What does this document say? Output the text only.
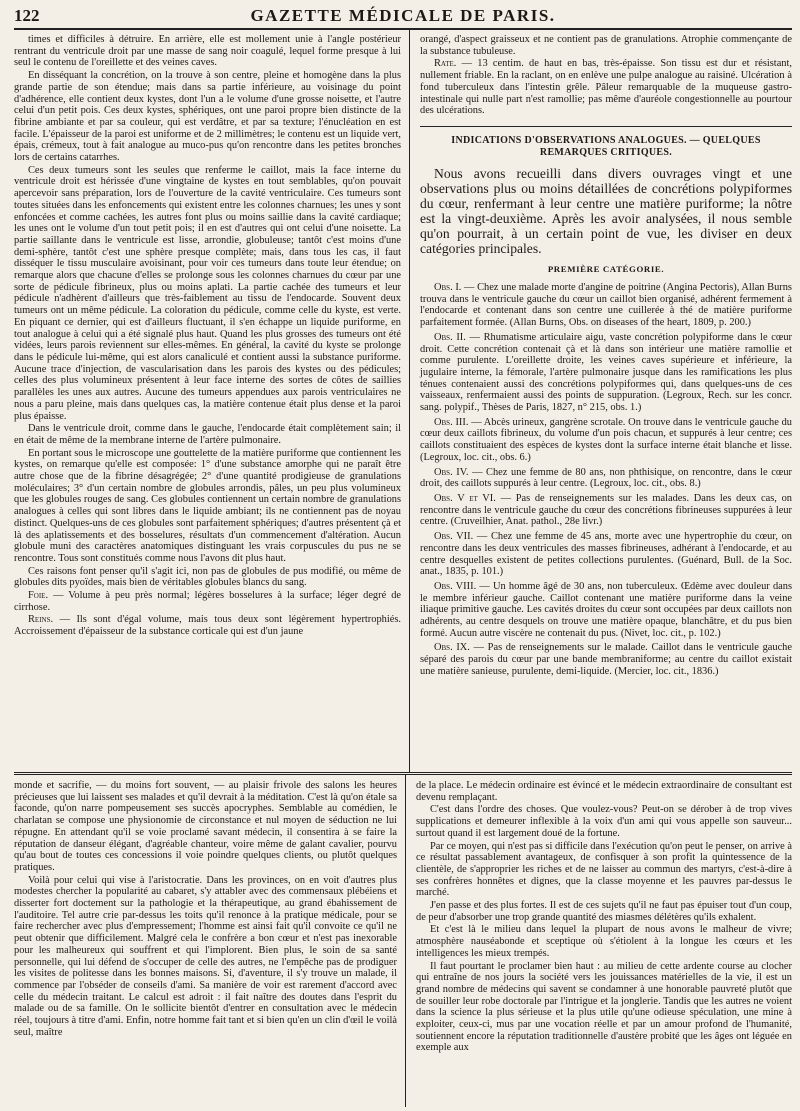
122	GAZETTE MÉDICALE DE PARIS.

times et difficiles à détruire. En arrière, elle est mollement unie à l'angle postérieur rentrant du ventricule droit par une masse de sang noir coagulé, lequel forme presque à lui seul le contenu de l'oreillette et des veines caves.

En disséquant la concrétion, on la trouve à son centre, pleine et homogène dans la plus grande partie de son étendue; mais dans sa partie inférieure, au voisinage du point d'adhérence, elle contient deux kystes, dont l'un a le volume d'une grosse noisette, et l'autre celui d'un petit pois. Ces deux kystes, sphériques, ont une paroi propre bien distincte de la fibrine ambiante et par sa couleur, qui est verdâtre, et par sa texture; l'énucléation en est facile. L'épaisseur de la paroi est uniforme et de 2 millimètres; le contenu est un liquide vert, épais, crémeux, tout à fait analogue au muco-pus qu'on rencontre dans les petites bronches lors de certains catarrhes.

Ces deux tumeurs sont les seules que renferme le caillot, mais la face interne du ventricule droit est hérissée d'une vingtaine de kystes en tout semblables, qu'on pouvait apercevoir sans préparation, lors de l'ouverture de la cavité ventriculaire. Ces tumeurs sont toutes situées dans les enfoncements qui existent entre les colonnes charnues; les unes y sont enfoncées et comme cachées, les autres font plus ou moins saillie dans la cavité cardiaque; les unes ont le volume d'un tout petit pois; il en est d'autres qui ont celui d'une noisette. La partie saillante dans le ventricule est lisse, arrondie, globuleuse; tantôt c'est moins d'une demi-sphère, tantôt c'est une sphère presque complète; mais, dans tous les cas, il faut disséquer le tissu musculaire avoisinant, pour voir ces tumeurs dans toute leur étendue; on remarque alors que chacune d'elles se prolonge sous les colonnes charnues du cœur par une sorte de pédicule fibrineux, plus ou moins aplati. La partie cachée des tumeurs et leur pédicule n'adhèrent d'ailleurs que très-faiblement au tissu de l'endocarde. Souvent deux tumeurs ont un même pédicule. La coloration du pédicule, comme celle du kyste, est verte. En piquant ce dernier, qui est d'ailleurs fluctuant, il s'en échappe un liquide puriforme, en tout analogue à celui qui a été signalé plus haut. Quand les plus grosses des tumeurs ont été vidées, leurs parois reviennent sur elles-mêmes. En général, la cavité du kyste se prolonge dans le pédicule lui-même, qui est alors canaliculé et contient aussi la substance puriforme. Aucune trace d'injection, de vascularisation dans les parois des kystes ou des pédicules; celles des plus volumineux présentent à leur face interne des sortes de côtes de saillies parallèles les unes aux autres. Aucune des tumeurs appendues aux parois ventriculaires ne nous a paru pleine, mais dans quelques cas, la matière contenue était plus dense et la paroi plus épaisse.

Dans le ventricule droit, comme dans le gauche, l'endocarde était complètement sain; il en était de même de la membrane interne de l'artère pulmonaire.

En portant sous le microscope une gouttelette de la matière puriforme que contiennent les kystes, on remarque qu'elle est composée: 1° d'une substance amorphe qui ne paraît être autre chose que de la fibrine désagrégée; 2° d'une quantité prodigieuse de granulations moléculaires; 3° d'un certain nombre de globules arrondis, pâles, un peu plus volumineux que les globules rouges de sang. Ces globules contiennent un certain nombre de granulations analogues à celles qui sont libres dans le liquide ambiant; ils ne contiennent pas de noyau distinct. Quelques-uns de ces globules sont parfaitement sphériques; d'autres présentent çà et là des aplatissements et des bosselures, résultats d'un commencement d'altération. Aucun globule muni des caractères anatomiques distinguant les vrais corpuscules du pus ne se rencontre. Tous sont constitués comme nous l'avons dit plus haut.

Ces raisons font penser qu'il s'agit ici, non pas de globules de pus modifié, ou même de globules dits pyoïdes, mais bien de véritables globules blancs du sang.

Foie. — Volume à peu près normal; légères bosselures à la surface; léger degré de cirrhose.

Reins. — Ils sont d'égal volume, mais tous deux sont légèrement hypertrophiés. Accroissement d'épaisseur de la substance corticale qui est d'un jaune

orangé, d'aspect graisseux et ne contient pas de granulations. Atrophie commençante de la substance tubuleuse.

Rate. — 13 centim. de haut en bas, très-épaisse. Son tissu est dur et résistant, nullement friable. En la raclant, on en enlève une pulpe analogue au raisiné. Ulcération à fond tuberculeux dans l'intestin grêle. Pâleur remarquable de la muqueuse gastro-intestinale qui nulle part n'est ramollie; pas même d'auréole congestionnelle au pourtour des ulcérations.

INDICATIONS D'OBSERVATIONS ANALOGUES. — QUELQUES REMARQUES CRITIQUES.

Nous avons recueilli dans divers ouvrages vingt et une observations plus ou moins détaillées de concrétions polypiformes du cœur, renfermant à leur centre une matière puriforme; la nôtre est la vingt-deuxième. Après les avoir analysées, il nous semble qu'on pourrait, à un certain point de vue, les diviser en deux catégories principales.

PREMIÈRE CATÉGORIE.

Obs. I. — Chez une malade morte d'angine de poitrine (Angina Pectoris), Allan Burns trouva dans le ventricule gauche du cœur un caillot bien organisé, adhérent fermement à l'endocarde et contenant dans son centre une cuillerée à thé de matière puriforme parfaitement formée. (Allan Burns, Obs. on diseases of the heart, 1809, p. 200.)

Obs. II. — Rhumatisme articulaire aigu, vaste concrétion polypiforme dans le cœur droit. Cette concrétion contenait çà et là dans son intérieur une matière ramollie et comme purulente. L'oreillette droite, les veines caves supérieure et inférieure, la jugulaire interne, la fémorale, l'artère pulmonaire jusque dans les ramifications les plus ténues contenaient aussi des concrétions polypiformes qui, dans quelques-uns de ces vaisseaux, renfermaient aussi des points de suppuration. (Legroux, Rech. sur les concr. sang. polypif., Thèses de Paris, 1827, n° 215, obs. 1.)

Obs. III. — Abcès urineux, gangrène scrotale. On trouve dans le ventricule gauche du cœur deux caillots fibrineux, du volume d'un pois chacun, et suppurés à leur centre; ces caillots constituaient des espèces de kystes dont la surface interne était blanche et lisse. (Legroux, loc. cit., obs. 6.)

Obs. IV. — Chez une femme de 80 ans, non phthisique, on rencontre, dans le cœur droit, des caillots suppurés à leur centre. (Legroux, loc. cit., obs. 8.)

Obs. V et VI. — Pas de renseignements sur les malades. Dans les deux cas, on rencontre dans le ventricule gauche du cœur des concrétions fibrineuses suppurées à leur centre. (Cruveilhier, Anat. pathol., 28e livr.)

Obs. VII. — Chez une femme de 45 ans, morte avec une hypertrophie du cœur, on rencontre dans les deux ventricules des masses fibrineuses, adhérant à l'endocarde, et au centre desquelles existent de petites collections purulentes. (Guénard, Bull. de la Soc. anat., 1835, p. 101.)

Obs. VIII. — Un homme âgé de 30 ans, non tuberculeux. Œdème avec douleur dans le membre inférieur gauche. Caillot contenant une matière puriforme dans la veine iliaque primitive gauche. Les cavités droites du cœur sont occupées par deux caillots non adhérents, au centre desquels on trouve une matière opaque, blanchâtre, et du pus bien formé. Aucun autre viscère ne contenait du pus. (Nivet, loc. cit., p. 102.)

Obs. IX. — Pas de renseignements sur le malade. Caillot dans le ventricule gauche séparé des parois du cœur par une bande membraniforme; au centre du caillot existait une matière sanieuse, purulente, demi-liquide. (Mercier, loc. cit., 1836.)

monde et sacrifie, — du moins fort souvent, — au plaisir frivole des salons les heures précieuses que lui laissent ses malades et qu'il devrait à la méditation. C'est là qu'on étale sa faconde, qu'on narre pompeusement ses succès apocryphes. Semblable au comédien, le charlatan se compose une physionomie de circonstance et nul moyen de séduction ne lui répugne. En attendant qu'il se voie proclamé savant médecin, il consentira à se faire la réputation de danseur élégant, d'agréable chanteur, voire même de galant cavalier, pourvu qu'au bout de toutes ces concessions il voie poindre quelques clients, ou plutôt quelques pratiques.

Voilà pour celui qui vise à l'aristocratie. Dans les provinces, on en voit d'autres plus modestes chercher la popularité au cabaret, s'y attabler avec des commensaux plébéiens et disserter fort doctement sur la pathologie et la thérapeutique, au grand ébahissement de l'auditoire. Tel autre crie par-dessus les toits qu'il renonce à la pratique médicale, pour se faire rechercher avec plus d'empressement; l'homme est ainsi fait qu'il convoite ce qu'il ne peut obtenir que difficilement. Malgré cela le confrère a bon cœur et n'est pas inexorable pour les malheureux qui souffrent et qui l'implorent. Bien plus, le soin de sa santé personnelle, qui lui défend de s'occuper de celle des autres, ne l'empêche pas de prodiguer les visites de politesse dans les bonnes maisons. Si, d'aventure, il s'y trouve un malade, il commence par l'obséder de conseils d'ami. Sa manière de voir est rarement d'accord avec celle du médecin traitant. Le calcul est adroit : il fait naître des doutes dans l'esprit du malade ou de sa famille. On le sollicite bientôt d'entrer en consultation avec le médecin réel, toujours à titre d'ami. Enfin, notre homme fait tant et si bien qu'en un clin d'œil le voilà seul, maître

de la place. Le médecin ordinaire est évincé et le médecin extraordinaire de consultant est devenu remplaçant.

C'est dans l'ordre des choses. Que voulez-vous? Peut-on se dérober à de trop vives supplications et demeurer inflexible à la voix d'un ami qui vous appelle son sauveur... surtout quand il est largement doué de la fortune.

Par ce moyen, qui n'est pas si difficile dans l'exécution qu'on peut le penser, on arrive à ce résultat passablement avantageux, de confisquer à son profit la quintessence de la clientèle, de s'approprier les riches et de ne laisser au commun des martyrs, c'est-à-dire à ses confrères honnêtes et dignes, que la classe moyenne et les pauvres par-dessus le marché.

J'en passe et des plus fortes. Il est de ces sujets qu'il ne faut pas épuiser tout d'un coup, de peur d'absorber une trop grande quantité des miasmes délétères qu'ils exhalent.

Et c'est là le milieu dans lequel la plupart de nous avons le malheur de vivre; atmosphère nauséabonde et sceptique où s'étiolent à la longue les cœurs et les intelligences les mieux trempés.

Il faut pourtant le proclamer bien haut : au milieu de cette ardente course au clocher qui entraîne de nos jours la société vers les jouissances matérielles de la vie, il est un grand nombre de médecins qui savent se condamner à une honorable pauvreté plutôt que de souiller leur robe doctorale par l'intrigue et la jonglerie. Tandis que les autres ne voient dans la science la plus sérieuse et la plus utile qu'une odieuse spéculation, une mine à exploiter, ceux-ci, mus par une vocation réelle et par un amour profond de l'humanité, soutiennent encore la réputation traditionnelle d'austère probité que les âges ont léguée en exemple aux
